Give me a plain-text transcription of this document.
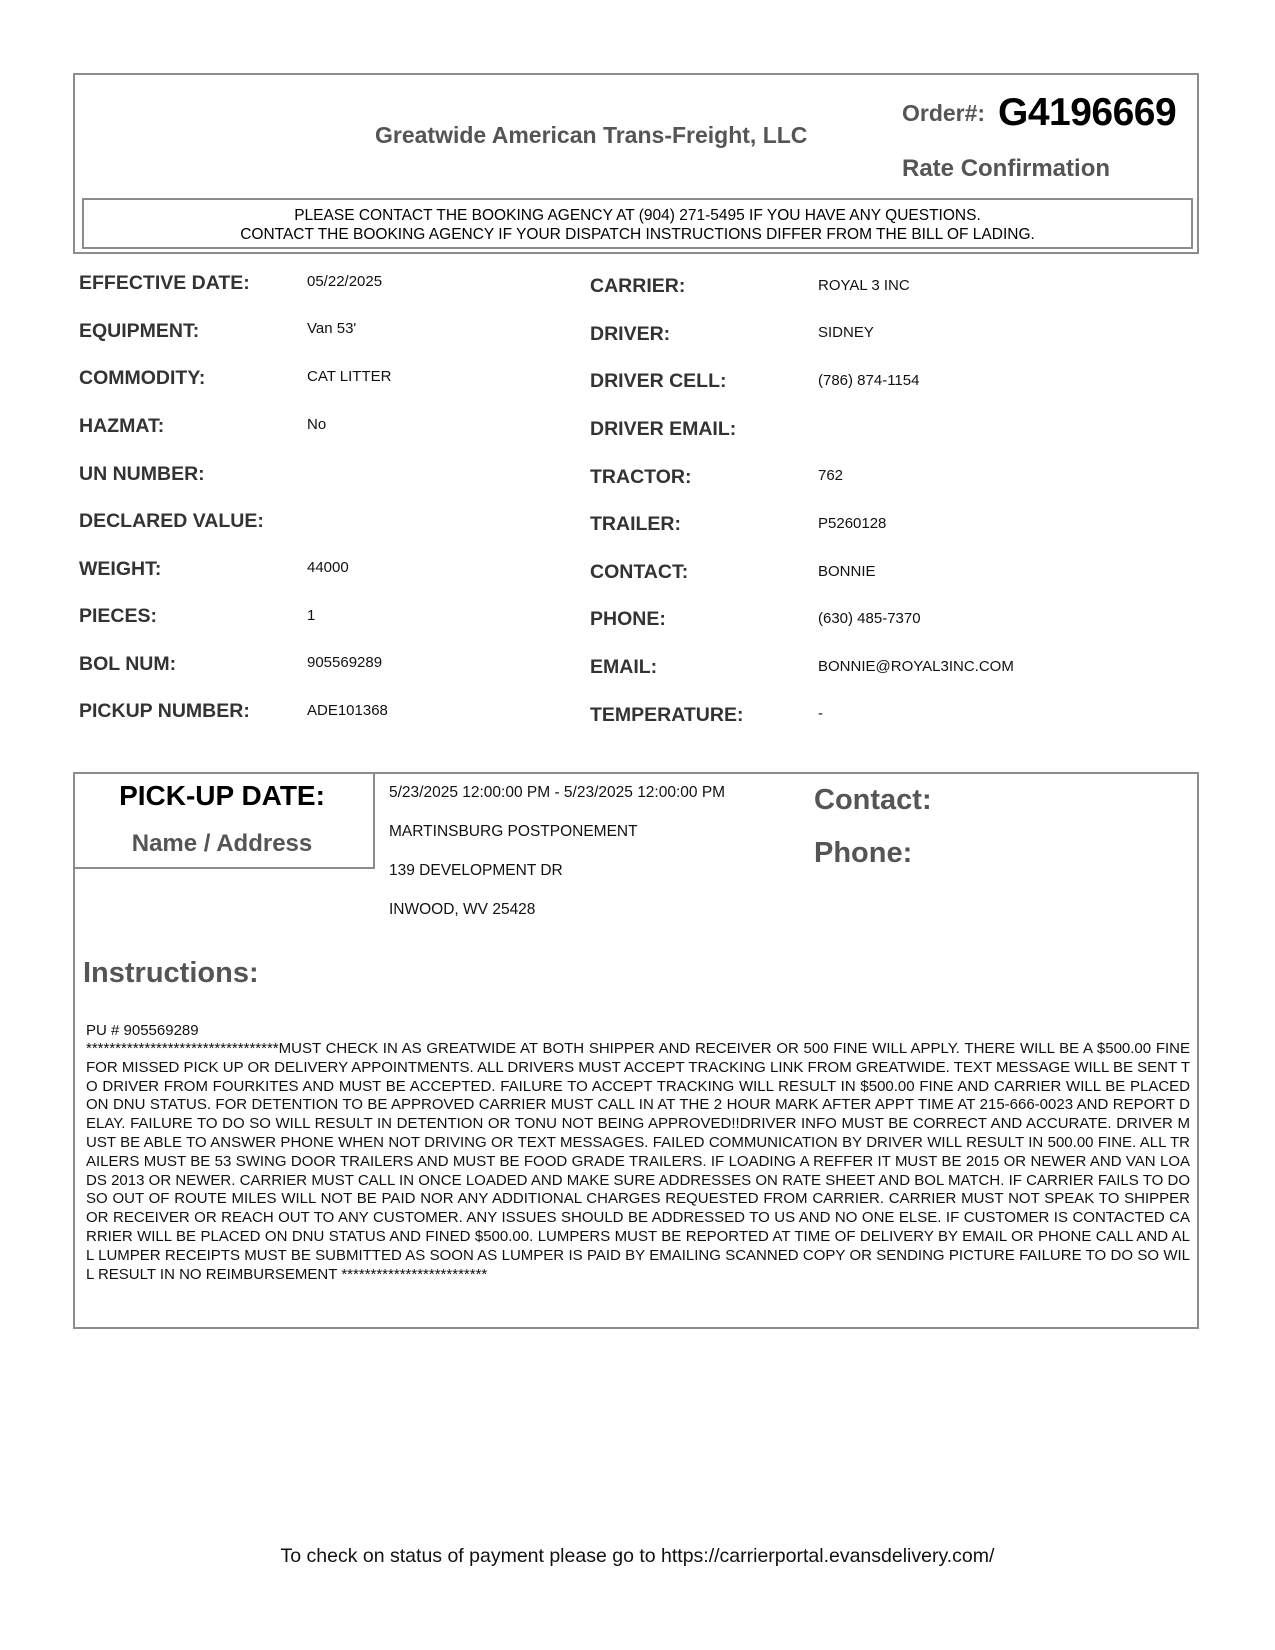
Greatwide American Trans-Freight, LLC
Order#: G4196669
Rate Confirmation
PLEASE CONTACT THE BOOKING AGENCY AT (904) 271-5495 IF YOU HAVE ANY QUESTIONS.
CONTACT THE BOOKING AGENCY IF YOUR DISPATCH INSTRUCTIONS DIFFER FROM THE BILL OF LADING.
EFFECTIVE DATE:	05/22/2025
EQUIPMENT:	Van 53'
COMMODITY:	CAT LITTER
HAZMAT:	No
UN NUMBER:
DECLARED VALUE:
WEIGHT:	44000
PIECES:	1
BOL NUM:	905569289
PICKUP NUMBER:	ADE101368
CARRIER:	ROYAL 3 INC
DRIVER:	SIDNEY
DRIVER CELL:	(786) 874-1154
DRIVER EMAIL:
TRACTOR:	762
TRAILER:	P5260128
CONTACT:	BONNIE
PHONE:	(630) 485-7370
EMAIL:	BONNIE@ROYAL3INC.COM
TEMPERATURE:	-
PICK-UP DATE:
Name / Address
5/23/2025 12:00:00 PM - 5/23/2025 12:00:00 PM
MARTINSBURG POSTPONEMENT
139 DEVELOPMENT DR
INWOOD, WV 25428
Contact:
Phone:
Instructions:
PU # 905569289
*********************************MUST CHECK IN AS GREATWIDE AT BOTH SHIPPER AND RECEIVER OR 500 FINE WILL APPLY. THERE WILL BE A $500.00 FINE FOR MISSED PICK UP OR DELIVERY APPOINTMENTS. ALL DRIVERS MUST ACCEPT TRACKING LINK FROM GREATWIDE. TEXT MESSAGE WILL BE SENT TO DRIVER FROM FOURKITES AND MUST BE ACCEPTED. FAILURE TO ACCEPT TRACKING WILL RESULT IN $500.00 FINE AND CARRIER WILL BE PLACED ON DNU STATUS. FOR DETENTION TO BE APPROVED CARRIER MUST CALL IN AT THE 2 HOUR MARK AFTER APPT TIME AT 215-666-0023 AND REPORT DELAY. FAILURE TO DO SO WILL RESULT IN DETENTION OR TONU NOT BEING APPROVED!!DRIVER INFO MUST BE CORRECT AND ACCURATE. DRIVER MUST BE ABLE TO ANSWER PHONE WHEN NOT DRIVING OR TEXT MESSAGES. FAILED COMMUNICATION BY DRIVER WILL RESULT IN 500.00 FINE. ALL TRAILERS MUST BE 53 SWING DOOR TRAILERS AND MUST BE FOOD GRADE TRAILERS. IF LOADING A REFFER IT MUST BE 2015 OR NEWER AND VAN LOADS 2013 OR NEWER. CARRIER MUST CALL IN ONCE LOADED AND MAKE SURE ADDRESSES ON RATE SHEET AND BOL MATCH. IF CARRIER FAILS TO DO SO OUT OF ROUTE MILES WILL NOT BE PAID NOR ANY ADDITIONAL CHARGES REQUESTED FROM CARRIER. CARRIER MUST NOT SPEAK TO SHIPPER OR RECEIVER OR REACH OUT TO ANY CUSTOMER. ANY ISSUES SHOULD BE ADDRESSED TO US AND NO ONE ELSE. IF CUSTOMER IS CONTACTED CARRIER WILL BE PLACED ON DNU STATUS AND FINED $500.00. LUMPERS MUST BE REPORTED AT TIME OF DELIVERY BY EMAIL OR PHONE CALL AND ALL LUMPER RECEIPTS MUST BE SUBMITTED AS SOON AS LUMPER IS PAID BY EMAILING SCANNED COPY OR SENDING PICTURE FAILURE TO DO SO WILL RESULT IN NO REIMBURSEMENT *************************
To check on status of payment please go to https://carrierportal.evansdelivery.com/
